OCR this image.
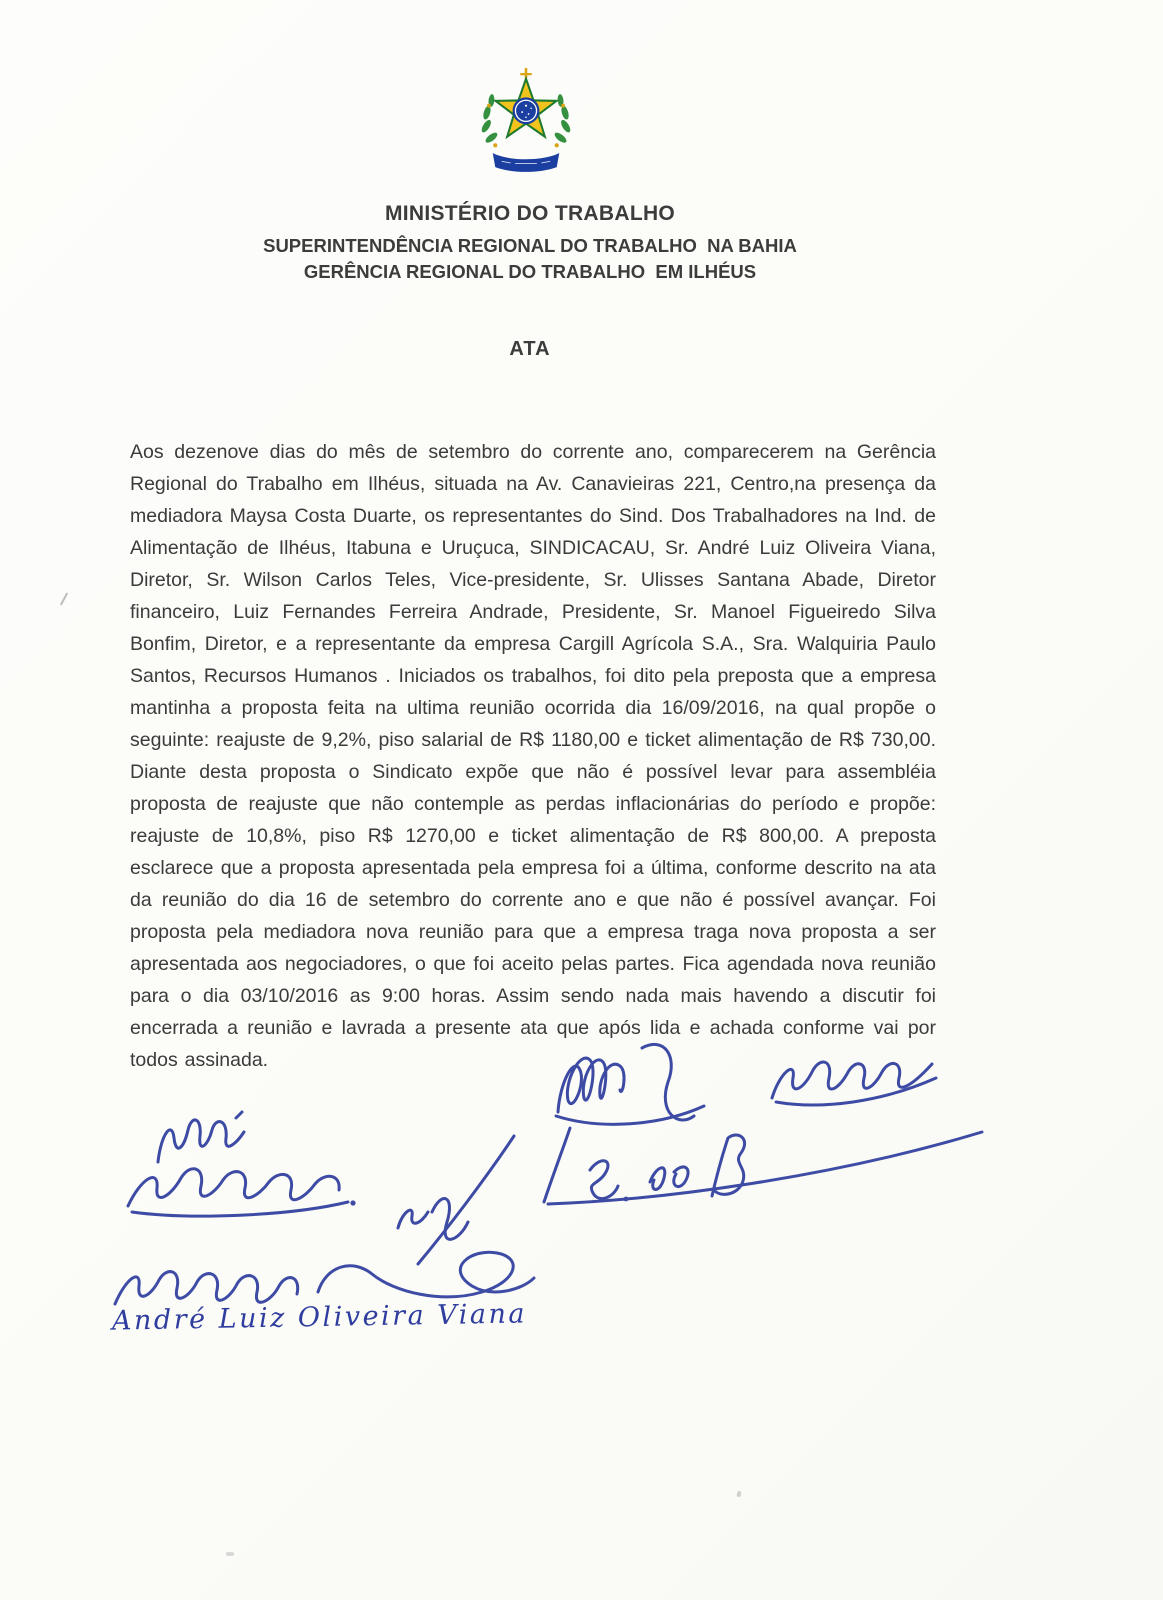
MINISTÉRIO DO TRABALHO
SUPERINTENDÊNCIA REGIONAL DO TRABALHO  NA BAHIA
GERÊNCIA REGIONAL DO TRABALHO  EM ILHÉUS
ATA
Aos dezenove dias do mês de setembro do corrente ano, comparecerem na Gerência Regional do Trabalho em Ilhéus, situada na Av. Canavieiras 221, Centro,na presença da mediadora Maysa Costa Duarte, os representantes do Sind. Dos Trabalhadores na Ind. de Alimentação de Ilhéus, Itabuna e Uruçuca, SINDICACAU, Sr. André Luiz Oliveira Viana, Diretor, Sr. Wilson Carlos Teles, Vice-presidente, Sr. Ulisses Santana Abade, Diretor financeiro, Luiz Fernandes Ferreira Andrade, Presidente, Sr. Manoel Figueiredo Silva Bonfim, Diretor, e a representante da empresa Cargill Agrícola S.A., Sra. Walquiria Paulo Santos, Recursos Humanos . Iniciados os trabalhos, foi dito pela preposta que a empresa mantinha a proposta feita na ultima reunião ocorrida dia 16/09/2016, na qual propõe o seguinte: reajuste de 9,2%, piso salarial de R$ 1180,00 e ticket alimentação de R$ 730,00. Diante desta proposta o Sindicato expõe que não é possível levar para assembléia proposta de reajuste que não contemple as perdas inflacionárias do período e propõe: reajuste de 10,8%, piso R$ 1270,00 e ticket alimentação de R$ 800,00. A preposta esclarece que a proposta apresentada pela empresa foi a última, conforme descrito na ata da reunião do dia 16 de setembro do corrente ano e que não é possível avançar. Foi proposta pela mediadora nova reunião para que a empresa traga nova proposta a ser apresentada aos negociadores, o que foi aceito pelas partes. Fica agendada nova reunião para o dia 03/10/2016 as 9:00 horas. Assim sendo nada mais havendo a discutir foi encerrada a reunião e lavrada a presente ata que após lida e achada conforme vai por todos assinada.
André Luiz Oliveira Viana
